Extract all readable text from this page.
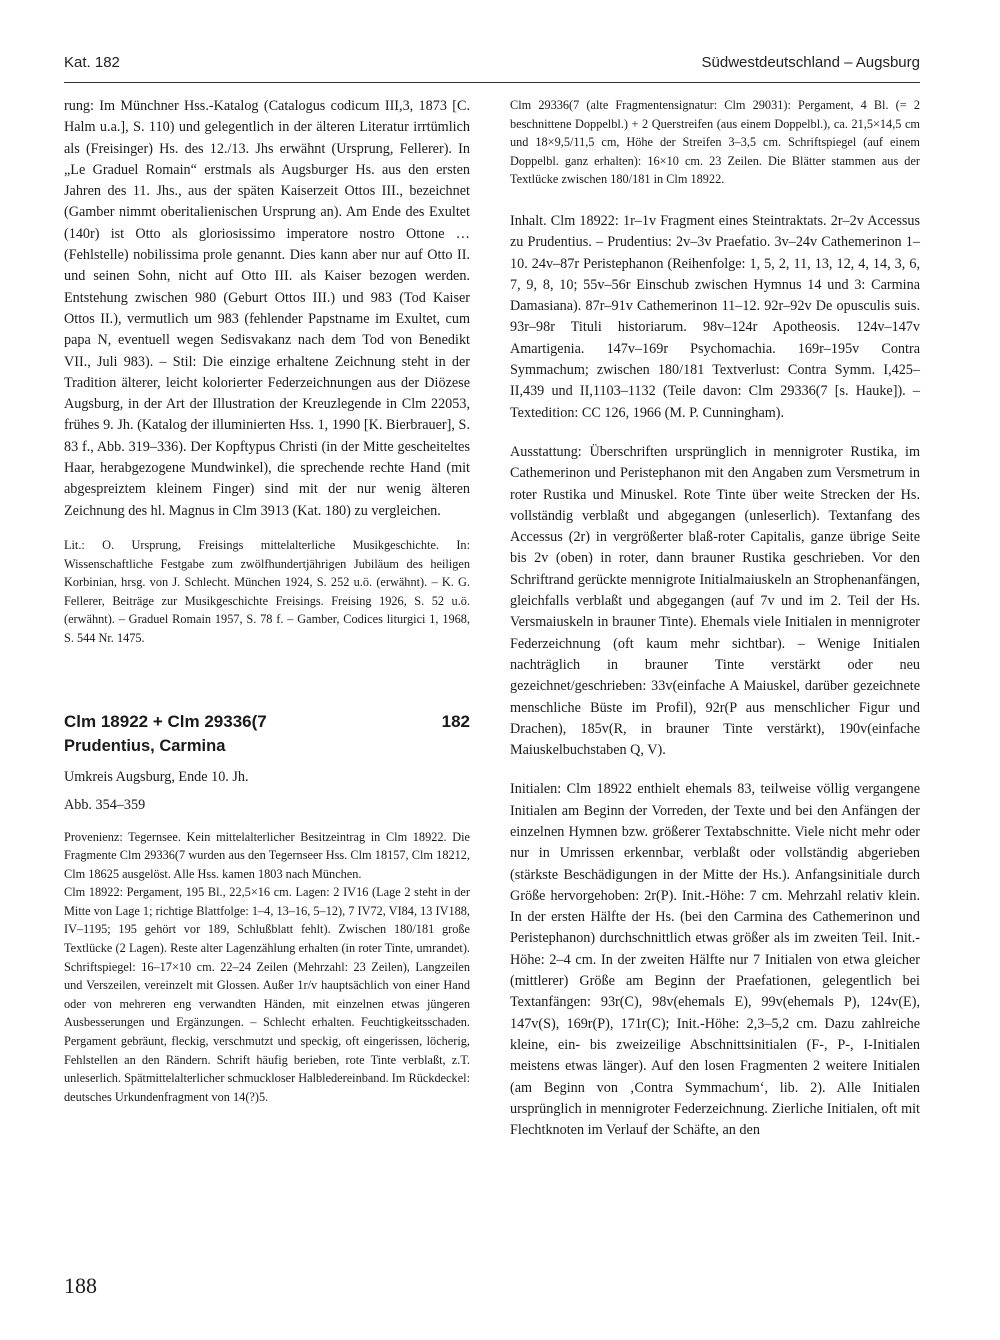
Kat. 182	Südwestdeutschland – Augsburg

rung: Im Münchner Hss.-Katalog (Catalogus codicum III,3, 1873 [C. Halm u.a.], S. 110) und gelegentlich in der älteren Literatur irrtümlich als (Freisinger) Hs. des 12./13. Jhs erwähnt (Ursprung, Fellerer). In „Le Graduel Romain“ erstmals als Augsburger Hs. aus den ersten Jahren des 11. Jhs., aus der späten Kaiserzeit Ottos III., bezeichnet (Gamber nimmt oberitalienischen Ursprung an). Am Ende des Exultet (140r) ist Otto als gloriosissimo imperatore nostro Ottone …(Fehlstelle) nobilissima prole genannt. Dies kann aber nur auf Otto II. und seinen Sohn, nicht auf Otto III. als Kaiser bezogen werden. Entstehung zwischen 980 (Geburt Ottos III.) und 983 (Tod Kaiser Ottos II.), vermutlich um 983 (fehlender Papstname im Exultet, cum papa N, eventuell wegen Sedisvakanz nach dem Tod von Benedikt VII., Juli 983). – Stil: Die einzige erhaltene Zeichnung steht in der Tradition älterer, leicht kolorierter Federzeichnungen aus der Diözese Augsburg, in der Art der Illustration der Kreuzlegende in Clm 22053, frühes 9. Jh. (Katalog der illuminierten Hss. 1, 1990 [K. Bierbrauer], S. 83 f., Abb. 319–336). Der Kopftypus Christi (in der Mitte gescheiteltes Haar, herabgezogene Mundwinkel), die sprechende rechte Hand (mit abgespreiztem kleinem Finger) sind mit der nur wenig älteren Zeichnung des hl. Magnus in Clm 3913 (Kat. 180) zu vergleichen.

Lit.: O. Ursprung, Freisings mittelalterliche Musikgeschichte. In: Wissenschaftliche Festgabe zum zwölfhundertjährigen Jubiläum des heiligen Korbinian, hrsg. von J. Schlecht. München 1924, S. 252 u.ö. (erwähnt). – K. G. Fellerer, Beiträge zur Musikgeschichte Freisings. Freising 1926, S. 52 u.ö. (erwähnt). – Graduel Romain 1957, S. 78 f. – Gamber, Codices liturgici 1, 1968, S. 544 Nr. 1475.

Clm 18922 + Clm 29336(7	182
Prudentius, Carmina
Umkreis Augsburg, Ende 10. Jh.
Abb. 354–359

Provenienz: Tegernsee. Kein mittelalterlicher Besitzeintrag in Clm 18922. Die Fragmente Clm 29336(7 wurden aus den Tegernseer Hss. Clm 18157, Clm 18212, Clm 18625 ausgelöst. Alle Hss. kamen 1803 nach München.

Clm 18922: Pergament, 195 Bl., 22,5×16 cm. Lagen: 2 IV16 (Lage 2 steht in der Mitte von Lage 1; richtige Blattfolge: 1–4, 13–16, 5–12), 7 IV72, VI84, 13 IV188, IV–1195; 195 gehört vor 189, Schlußblatt fehlt). Zwischen 180/181 große Textlücke (2 Lagen). Reste alter Lagenzählung erhalten (in roter Tinte, umrandet). Schriftspiegel: 16–17×10 cm. 22–24 Zeilen (Mehrzahl: 23 Zeilen), Langzeilen und Verszeilen, vereinzelt mit Glossen. Außer 1r/v hauptsächlich von einer Hand oder von mehreren eng verwandten Händen, mit einzelnen etwas jüngeren Ausbesserungen und Ergänzungen. – Schlecht erhalten. Feuchtigkeitsschaden. Pergament gebräunt, fleckig, verschmutzt und speckig, oft eingerissen, löcherig, Fehlstellen an den Rändern. Schrift häufig berieben, rote Tinte verblaßt, z.T. unleserlich. Spätmittelalterlicher schmuckloser Halbledereinband. Im Rückdeckel: deutsches Urkundenfragment von 14(?)5.

Clm 29336(7 (alte Fragmentensignatur: Clm 29031): Pergament, 4 Bl. (= 2 beschnittene Doppelbl.) + 2 Querstreifen (aus einem Doppelbl.), ca. 21,5×14,5 cm und 18×9,5/11,5 cm, Höhe der Streifen 3–3,5 cm. Schriftspiegel (auf einem Doppelbl. ganz erhalten): 16×10 cm. 23 Zeilen. Die Blätter stammen aus der Textlücke zwischen 180/181 in Clm 18922.

Inhalt. Clm 18922: 1r–1v Fragment eines Steintraktats. 2r–2v Accessus zu Prudentius. – Prudentius: 2v–3v Praefatio. 3v–24v Cathemerinon 1–10. 24v–87r Peristephanon (Reihenfolge: 1, 5, 2, 11, 13, 12, 4, 14, 3, 6, 7, 9, 8, 10; 55v–56r Einschub zwischen Hymnus 14 und 3: Carmina Damasiana). 87r–91v Cathemerinon 11–12. 92r–92v De opusculis suis. 93r–98r Tituli historiarum. 98v–124r Apotheosis. 124v–147v Amartigenia. 147v–169r Psychomachia. 169r–195v Contra Symmachum; zwischen 180/181 Textverlust: Contra Symm. I,425–II,439 und II,1103–1132 (Teile davon: Clm 29336(7 [s. Hauke]). – Textedition: CC 126, 1966 (M. P. Cunningham).

Ausstattung: Überschriften ursprünglich in mennigroter Rustika, im Cathemerinon und Peristephanon mit den Angaben zum Versmetrum in roter Rustika und Minuskel. Rote Tinte über weite Strecken der Hs. vollständig verblaßt und abgegangen (unleserlich). Textanfang des Accessus (2r) in vergrößerter blaß-roter Capitalis, ganze übrige Seite bis 2v (oben) in roter, dann brauner Rustika geschrieben. Vor den Schriftrand gerückte mennigrote Initialmaiuskeln an Strophenanfängen, gleichfalls verblaßt und abgegangen (auf 7v und im 2. Teil der Hs. Versmaiuskeln in brauner Tinte). Ehemals viele Initialen in mennigroter Federzeichnung (oft kaum mehr sichtbar). – Wenige Initialen nachträglich in brauner Tinte verstärkt oder neu gezeichnet/geschrieben: 33v(einfache A Maiuskel, darüber gezeichnete menschliche Büste im Profil), 92r(P aus menschlicher Figur und Drachen), 185v(R, in brauner Tinte verstärkt), 190v(einfache Maiuskelbuchstaben Q, V).

Initialen: Clm 18922 enthielt ehemals 83, teilweise völlig vergangene Initialen am Beginn der Vorreden, der Texte und bei den Anfängen der einzelnen Hymnen bzw. größerer Textabschnitte. Viele nicht mehr oder nur in Umrissen erkennbar, verblaßt oder vollständig abgerieben (stärkste Beschädigungen in der Mitte der Hs.). Anfangsinitiale durch Größe hervorgehoben: 2r(P). Init.-Höhe: 7 cm. Mehrzahl relativ klein. In der ersten Hälfte der Hs. (bei den Carmina des Cathemerinon und Peristephanon) durchschnittlich etwas größer als im zweiten Teil. Init.-Höhe: 2–4 cm. In der zweiten Hälfte nur 7 Initialen von etwa gleicher (mittlerer) Größe am Beginn der Praefationen, gelegentlich bei Textanfängen: 93r(C), 98v(ehemals E), 99v(ehemals P), 124v(E), 147v(S), 169r(P), 171r(C); Init.-Höhe: 2,3–5,2 cm. Dazu zahlreiche kleine, ein- bis zweizeilige Abschnittsinitialen (F-, P-, I-Initialen meistens etwas länger). Auf den losen Fragmenten 2 weitere Initialen (am Beginn von ‚Contra Symmachum‘, lib. 2). Alle Initialen ursprünglich in mennigroter Federzeichnung. Zierliche Initialen, oft mit Flechtknoten im Verlauf der Schäfte, an den

188
